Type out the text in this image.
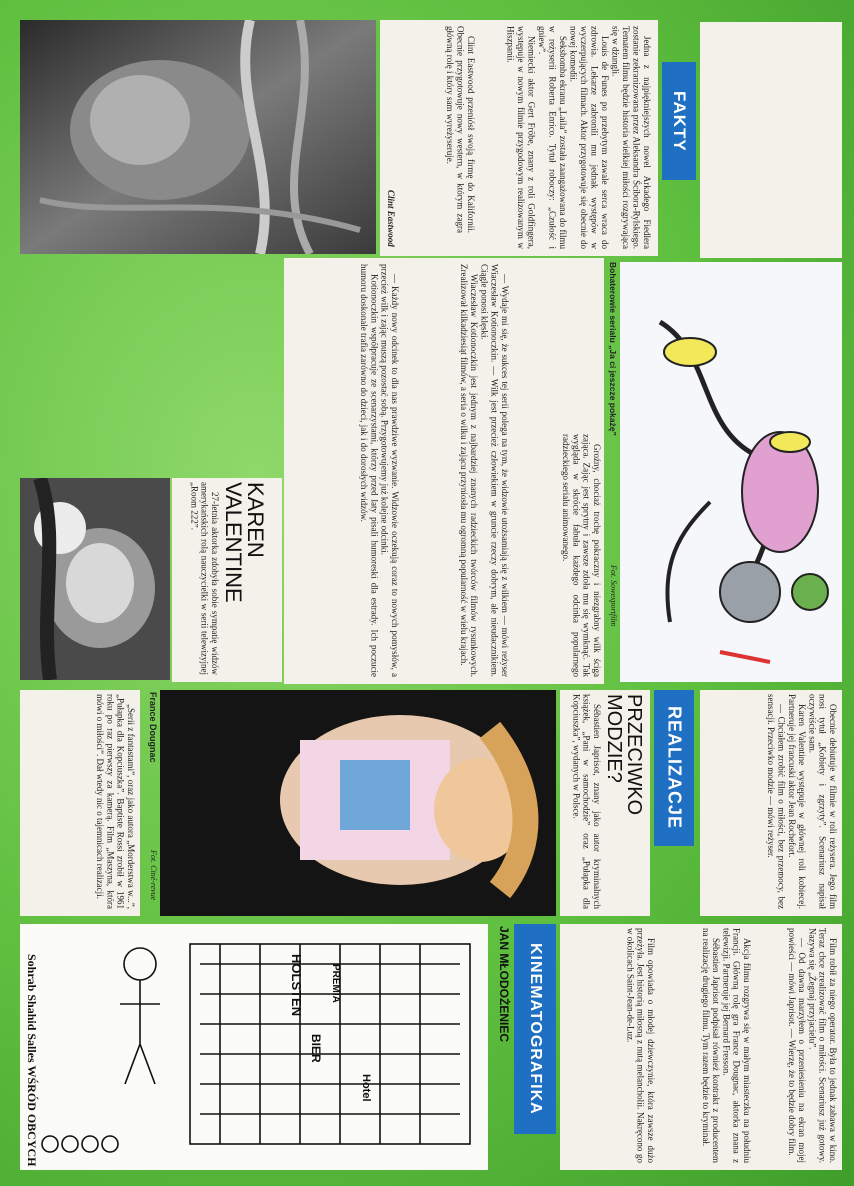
FAKTY

Jedna z najpiękniejszych nowel Arkadego Fiedlera zostanie zekranizowana przez Aleksandra Ścibora-Rylskiego. Tematem filmu będzie historia wielkiej miłości rozgrywająca się w dżungli.

Louis de Funes po przebytym zawale serca wraca do zdrowia. Lekarze zabronili mu jednak występów w wyczerpujących filmach. Aktor przygotowuje się obecnie do nowej komedii.

Seksbomba ekranu „Laila” została zaangażowana do filmu w reżyserii Roberta Enrico. Tytuł roboczy: „Czułość i gniew”.

Niemiecki aktor Gert Fröbe, znany z roli Goldfingera, występuje w nowym filmie przygodowym realizowanym w Hiszpanii.

Clint Eastwood przeniósł swoją firmę do Kalifornii. Obecnie przygotowuje nowy western, w którym zagra główną rolę i który sam wyreżyseruje.

Clint Eastwood
Bohaterowie serialu „Ja ci jeszcze pokażę”
Fot. Sowexportfilm

Groźny, chociaż trochę pokraczny i niezgrabny wilk ściga zająca. Zając jest sprytny i zawsze zdoła mu się wymknąć. Tak wygląda w skrócie fabuła każdego odcinka popularnego radzieckiego serialu animowanego.

— Wydaje mi się, że sukces tej serii polega na tym, że widzowie utożsamiają się z wilkiem — mówi reżyser Wiaczesław Kotionoczkin. — Wilk jest przecież człowiekiem w gruncie rzeczy dobrym, ale nieudacznikiem. Ciągle ponosi klęski.

Wiaczesław Kotionoczkin jest jednym z najbardziej znanych radzieckich twórców filmów rysunkowych. Zrealizował kilkadziesiąt filmów, a seria o wilku i zającu przyniosła mu ogromną popularność w wielu krajach.

— Każdy nowy odcinek to dla nas prawdziwe wyzwanie. Widzowie oczekują coraz to nowych pomysłów, a przecież wilk i zając muszą pozostać sobą. Przygotowujemy już kolejne odcinki.

Kotionoczkin współpracuje ze scenarzystami, którzy przed laty pisali humoreski dla estrady. Ich poczucie humoru doskonale trafia zarówno do dzieci, jak i do dorosłych widzów.

KAREN VALENTINE

27-letnia aktorka zdobyła sobie sympatię widzów amerykańskich rolą nauczycielki w serii telewizyjnej „Room 222”.

Obecnie debiutuje w filmie w roli reżysera. Jego film nosi tytuł „Kobiety i zgrzyty”. Scenariusz napisał oczywiście sam.

Karen Valentine występuje w głównej roli kobiecej. Partneruje jej francuski aktor Jean Rochefort.

— Chciałem zrobić film o miłości, bez przemocy, bez sensacji. Przeciwko modzie — mówi reżyser.

REALIZACJE
PRZECIWKO MODZIE?

Sébastien Japrisot, znany jako autor kryminalnych książek, „Pani w samochodzie” oraz „Pułapka dla Kopciuszka”, wydanych w Polsce.

France Dougnac
Fot. Ciné-revue

„Serii z fantastami”, oraz jako autora „Morderstwa w...”, „Pułapka dla Kopciuszka”. Baptiste Rossi zrobił w 1961 roku po raz pierwszy za kamerą. Film „Maszyna, która mówi o miłości”. Dał wtedy nic o tajemnicach realizacji.

Film robił za niego operator. Była to jednak zabawa w kino. Teraz chce zrealizować film o miłości. Scenariusz już gotowy. Nazywa się „Żegnaj przyjacielu”.

— Od dawna marzyłem o przeniesieniu na ekran mojej powieści — mówi Japrisot. — Wierzę, że to będzie dobry film.

Akcja filmu rozgrywa się w małym miasteczku na południu Francji. Główną rolę gra France Dougnac, aktorka znana z telewizji. Partneruje jej Bernard Fresson.

Sébastien Japrisot podpisał również kontrakt z producentem na realizację drugiego filmu. Tym razem będzie to kryminał.

Film opowiada o młodej dziewczynie, która zawsze dużo przeżyła. Jest historią miłosną z nutą melancholii. Nakręcono go w okolicach Saint-Jean-de-Luz.

KINEMATOGRAFIKA
JAN MŁODOŻENIEC
HOLSTEN
BIER
PREMIA
Hotel
Sohrab Shahid Salles WŚRÓD OBCYCH
